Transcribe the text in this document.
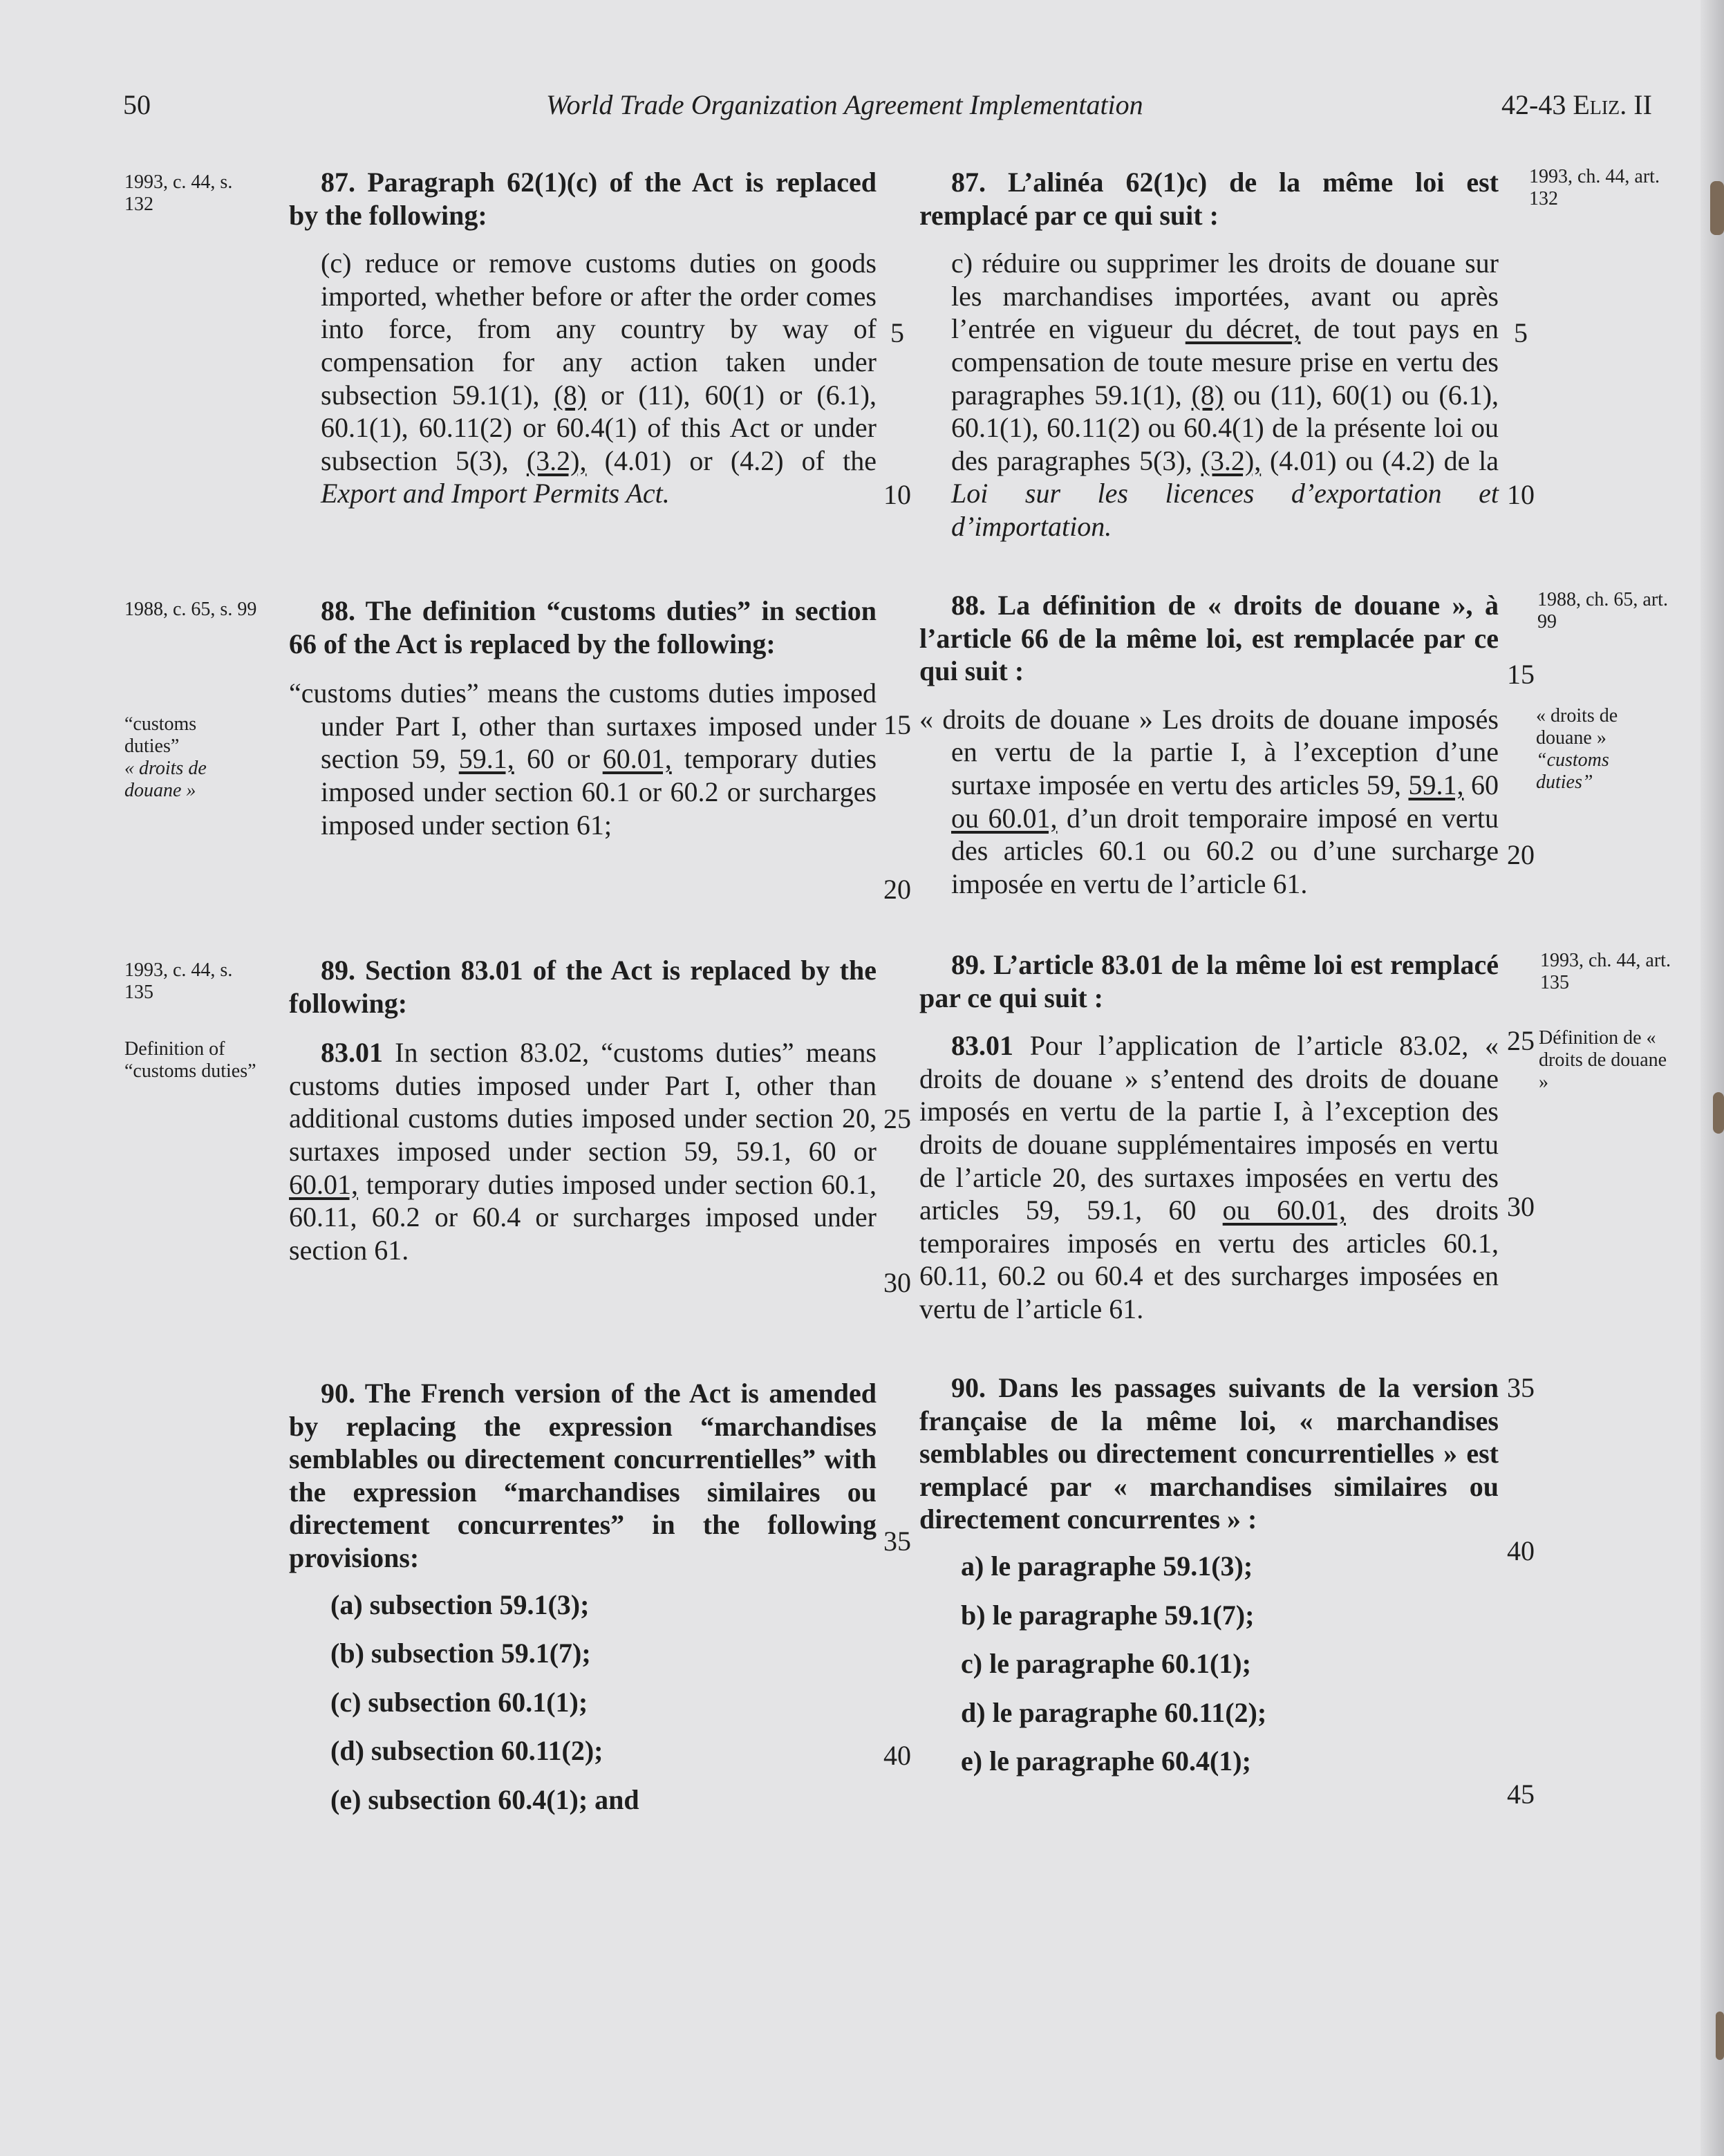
50	World Trade Organization Agreement Implementation	42-43 Eliz. II
1993, c. 44, s. 132
1988, c. 65, s. 99
“customs duties”
« droits de douane »
1993, c. 44, s. 135
Definition of “customs duties”
1993, ch. 44, art. 132
1988, ch. 65, art. 99
« droits de douane »
“customs duties”
1993, ch. 44, art. 135
Définition de « droits de douane »

87. Paragraph 62(1)(c) of the Act is replaced by the following:

(c) reduce or remove customs duties on goods imported, whether before or after the order comes into force, from any country by way of compensation for any action taken under subsection 59.1(1), (8) or (11), 60(1) or (6.1), 60.1(1), 60.11(2) or 60.4(1) of this Act or under subsection 5(3), (3.2), (4.01) or (4.2) of the Export and Import Permits Act.

88. The definition “customs duties” in section 66 of the Act is replaced by the following:

“customs duties” means the customs duties imposed under Part I, other than surtaxes imposed under section 59, 59.1, 60 or 60.01, temporary duties imposed under section 60.1 or 60.2 or surcharges imposed under section 61;

89. Section 83.01 of the Act is replaced by the following:

83.01 In section 83.02, “customs duties” means customs duties imposed under Part I, other than additional customs duties imposed under section 20, surtaxes imposed under section 59, 59.1, 60 or 60.01, temporary duties imposed under section 60.1, 60.11, 60.2 or 60.4 or surcharges imposed under section 61.

90. The French version of the Act is amended by replacing the expression “marchandises semblables ou directement concurrentielles” with the expression “marchandises similaires ou directement concurrentes” in the following provisions:

(a) subsection 59.1(3);
(b) subsection 59.1(7);
(c) subsection 60.1(1);
(d) subsection 60.11(2);
(e) subsection 60.4(1); and

87. L’alinéa 62(1)c) de la même loi est remplacé par ce qui suit :

c) réduire ou supprimer les droits de douane sur les marchandises importées, avant ou après l’entrée en vigueur du décret, de tout pays en compensation de toute mesure prise en vertu des paragraphes 59.1(1), (8) ou (11), 60(1) ou (6.1), 60.1(1), 60.11(2) ou 60.4(1) de la présente loi ou des paragraphes 5(3), (3.2), (4.01) ou (4.2) de la Loi sur les licences d’exportation et d’importation.

88. La définition de « droits de douane », à l’article 66 de la même loi, est remplacée par ce qui suit :

« droits de douane » Les droits de douane imposés en vertu de la partie I, à l’exception d’une surtaxe imposée en vertu des articles 59, 59.1, 60 ou 60.01, d’un droit temporaire imposé en vertu des articles 60.1 ou 60.2 ou d’une surcharge imposée en vertu de l’article 61.

89. L’article 83.01 de la même loi est remplacé par ce qui suit :

83.01 Pour l’application de l’article 83.02, « droits de douane » s’entend des droits de douane imposés en vertu de la partie I, à l’exception des droits de douane supplémentaires imposés en vertu de l’article 20, des surtaxes imposées en vertu des articles 59, 59.1, 60 ou 60.01, des droits temporaires imposés en vertu des articles 60.1, 60.11, 60.2 ou 60.4 et des surcharges imposées en vertu de l’article 61.

90. Dans les passages suivants de la version française de la même loi, « marchandises semblables ou directement concurrentielles » est remplacé par « marchandises similaires ou directement concurrentes » :

a) le paragraphe 59.1(3);
b) le paragraphe 59.1(7);
c) le paragraphe 60.1(1);
d) le paragraphe 60.11(2);
e) le paragraphe 60.4(1);
5
10
15
20
25
30
35
40
5
10
15
20
25
30
35
40
45
